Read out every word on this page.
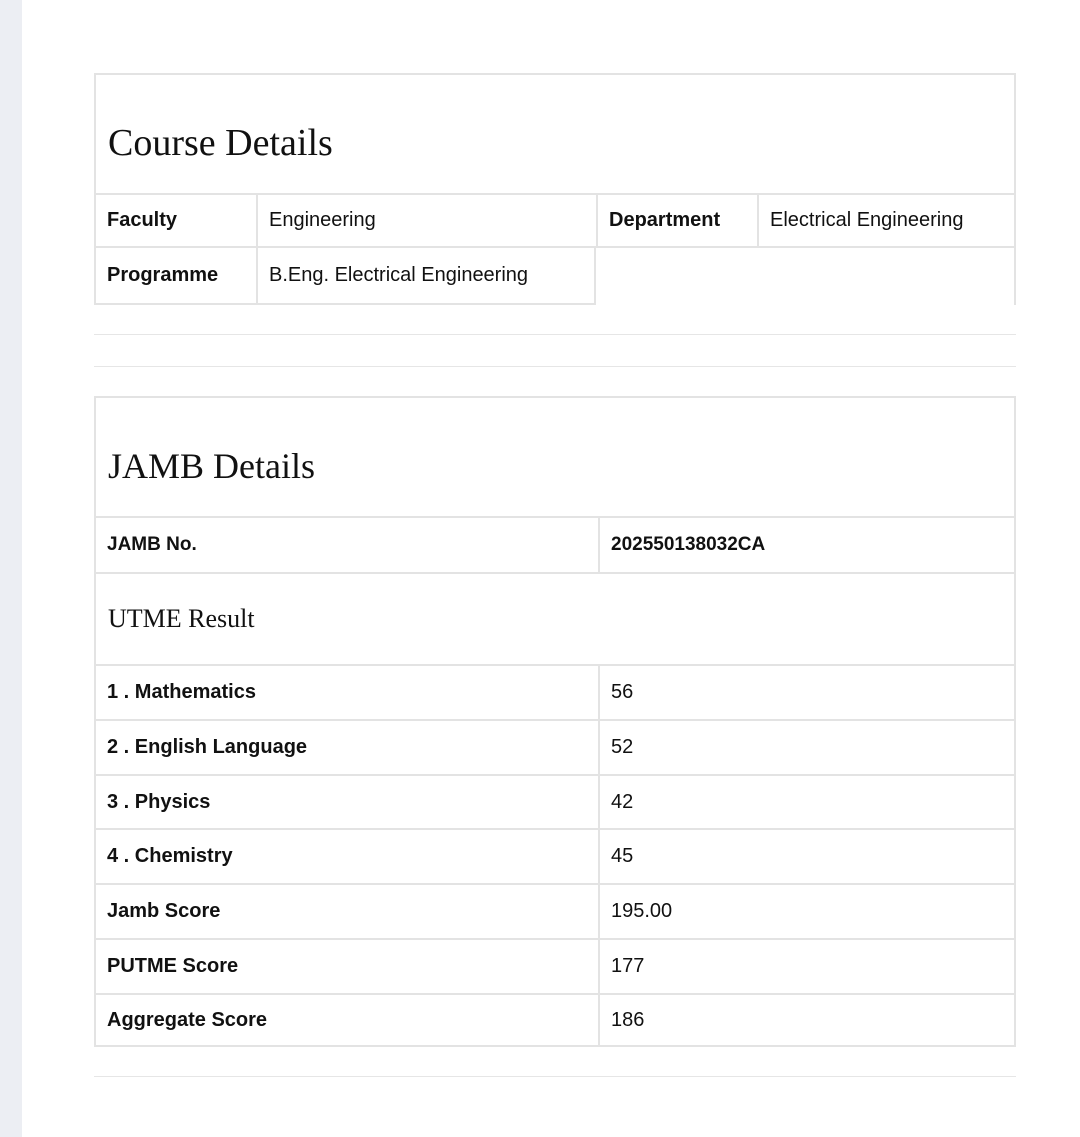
Course Details
Faculty	Engineering	Department	Electrical Engineering
Programme	B.Eng. Electrical Engineering
JAMB Details
JAMB No.	202550138032CA
UTME Result
1 . Mathematics	56
2 . English Language	52
3 . Physics	42
4 . Chemistry	45
Jamb Score	195.00
PUTME Score	177
Aggregate Score	186
